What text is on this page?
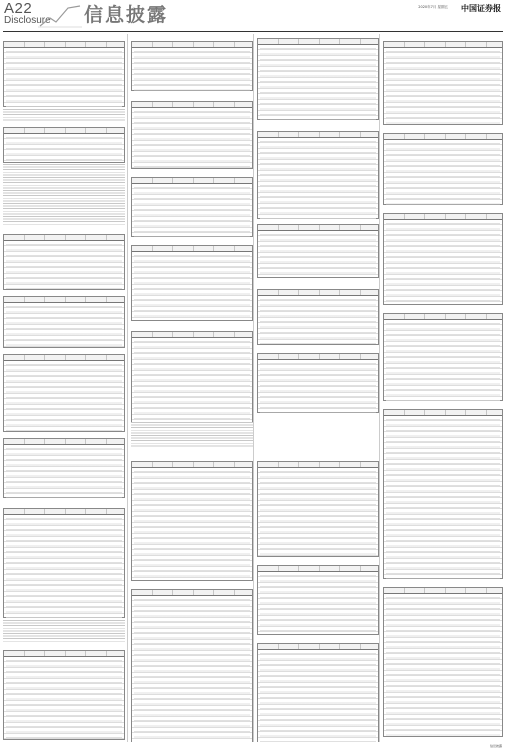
A22
Disclosure 信息披露	2020年7月 星期五 中国证券报
信息披露
